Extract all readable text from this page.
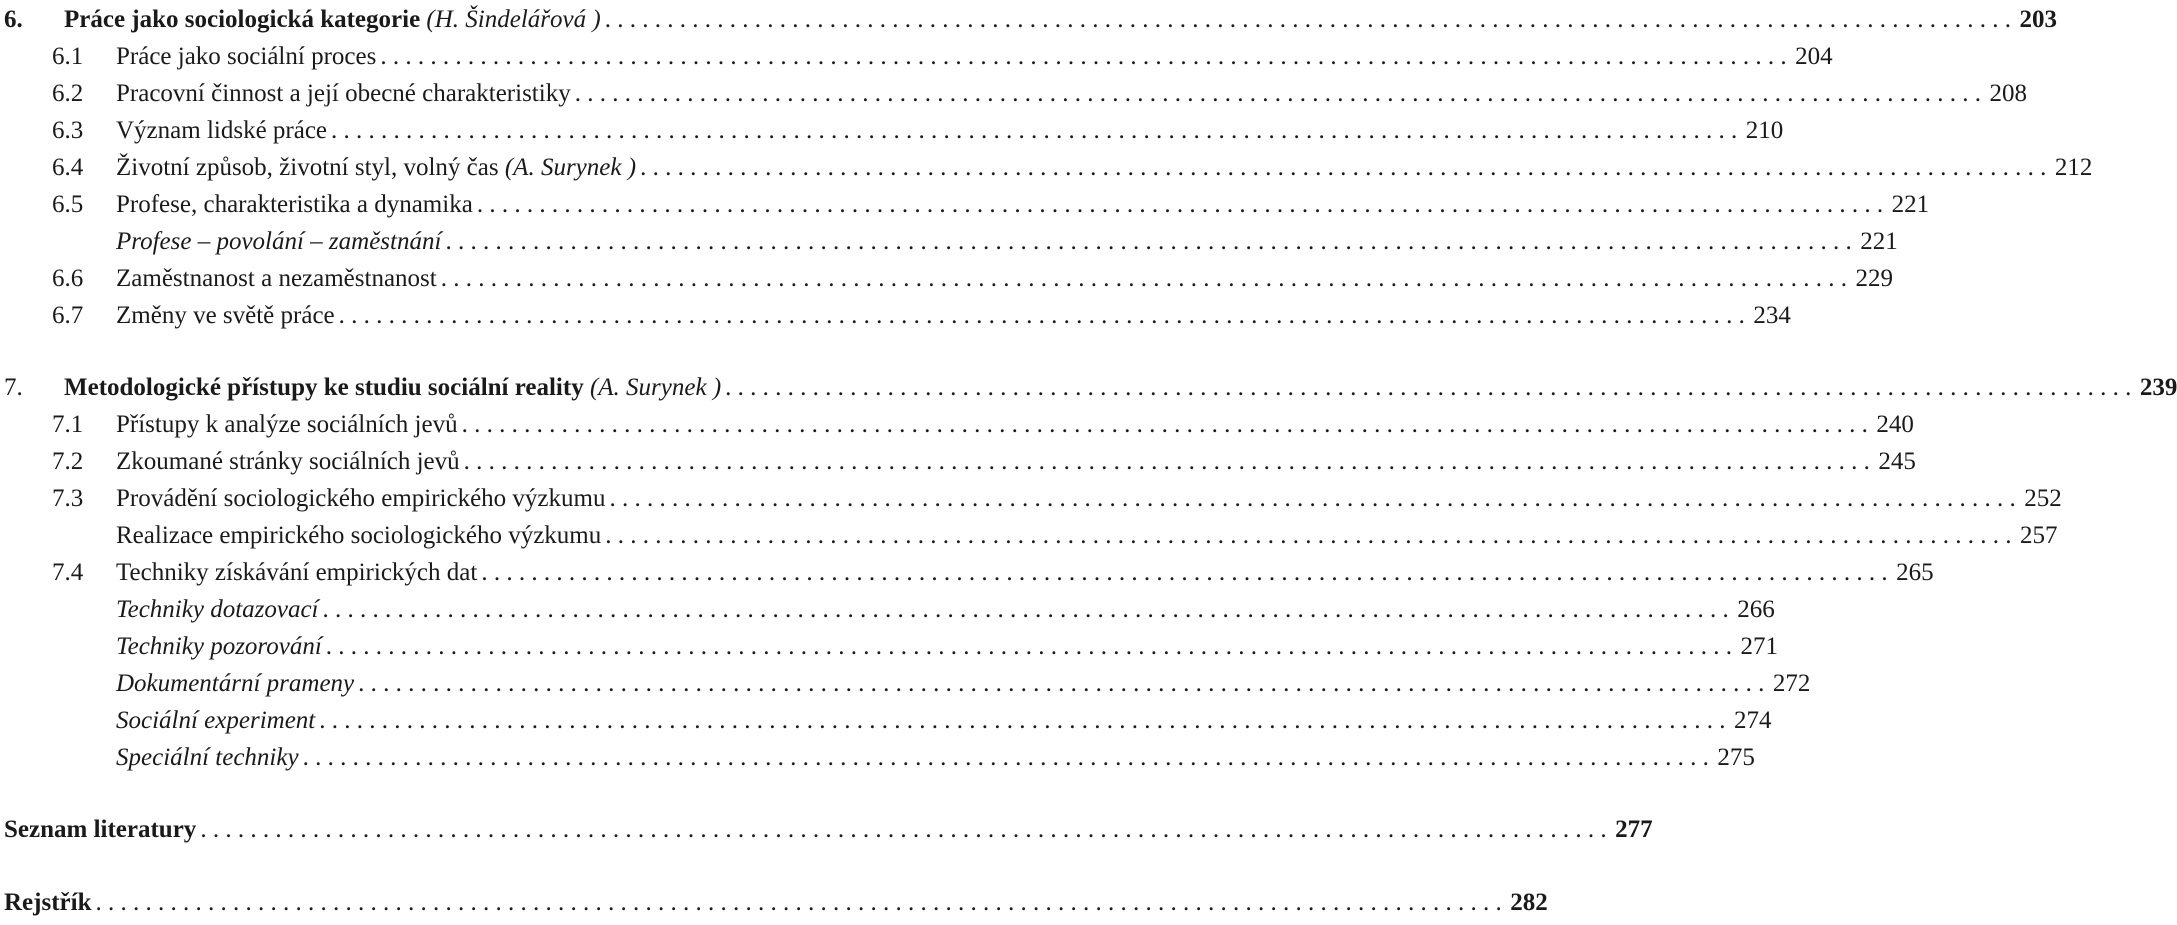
6.	Práce jako sociologická kategorie (H. Šindelářová ) . . .	203
6.1	Práce jako sociální proces . . .	204
6.2	Pracovní činnost a její obecné charakteristiky . . .	208
6.3	Význam lidské práce . . .	210
6.4	Životní způsob, životní styl, volný čas (A. Surynek ) . . .	212
6.5	Profese, charakteristika a dynamika . . .	221
Profese – povolání – zaměstnání . . .	221
6.6	Zaměstnanost a nezaměstnanost . . .	229
6.7	Změny ve světě práce . . .	234
7.	Metodologické přístupy ke studiu sociální reality (A. Surynek ) . . .	239
7.1	Přístupy k analýze sociálních jevů . . .	240
7.2	Zkoumané stránky sociálních jevů . . .	245
7.3	Provádění sociologického empirického výzkumu . . .	252
Realizace empirického sociologického výzkumu . . .	257
7.4	Techniky získávání empirických dat . . .	265
Techniky dotazovací . . .	266
Techniky pozorování . . .	271
Dokumentární prameny . . .	272
Sociální experiment . . .	274
Speciální techniky . . .	275
Seznam literatury . . .	277
Rejstřík . . .	282
